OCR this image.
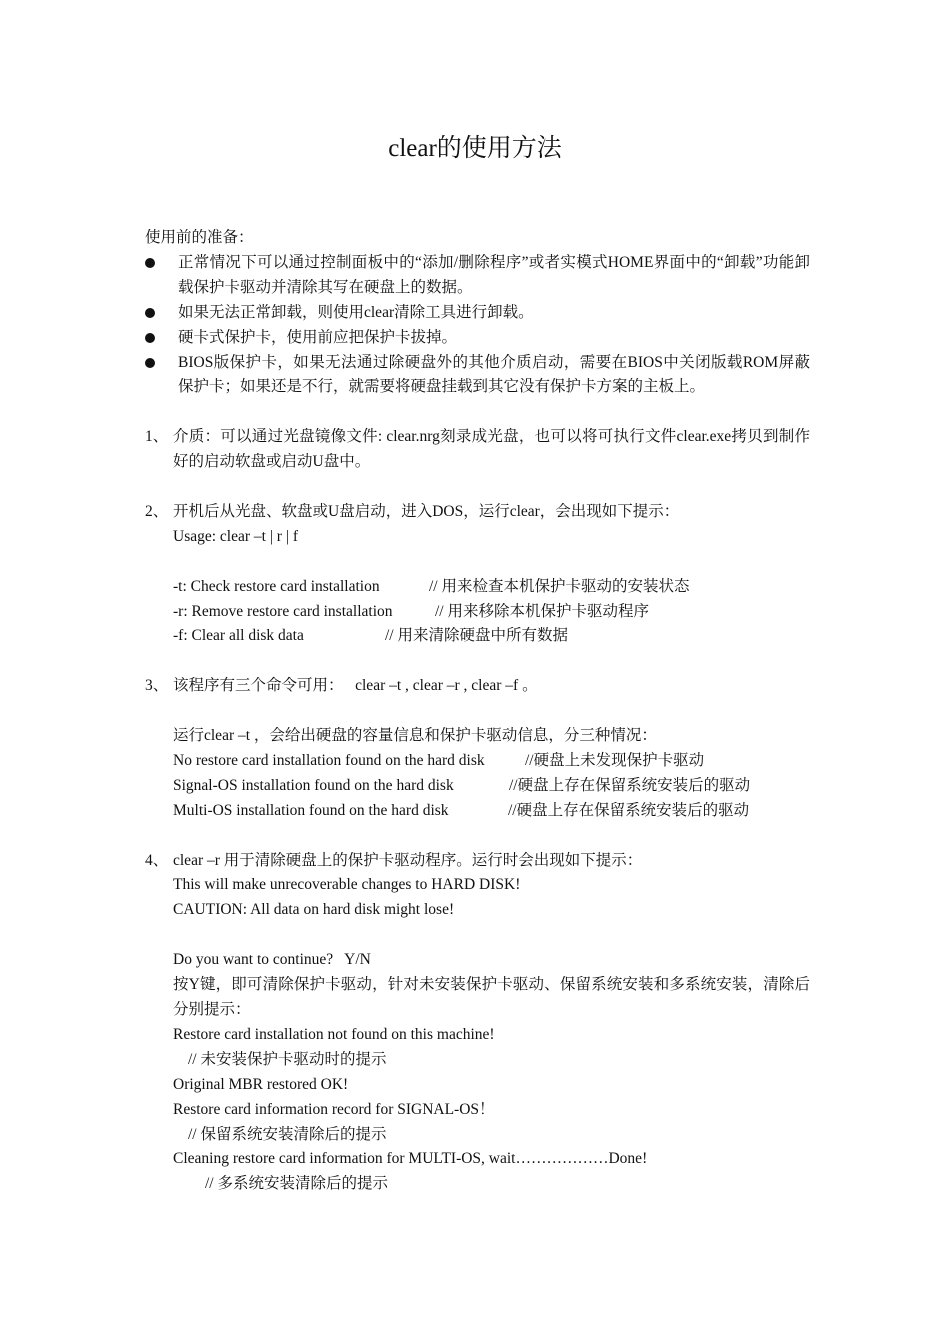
clear的使用方法
使用前的准备：
正常情况下可以通过控制面板中的“添加/删除程序”或者实模式HOME界面中的“卸载”功能卸载保护卡驱动并清除其写在硬盘上的数据。
如果无法正常卸载，则使用clear清除工具进行卸载。
硬卡式保护卡，使用前应把保护卡拔掉。
BIOS版保护卡，如果无法通过除硬盘外的其他介质启动，需要在BIOS中关闭版载ROM屏蔽保护卡；如果还是不行，就需要将硬盘挂载到其它没有保护卡方案的主板上。
1、 介质：可以通过光盘镜像文件: clear.nrg刻录成光盘，也可以将可执行文件clear.exe拷贝到制作好的启动软盘或启动U盘中。
2、 开机后从光盘、软盘或U盘启动，进入DOS，运行clear，会出现如下提示：
Usage: clear –t | r | f
-t: Check restore card installation	// 用来检查本机保护卡驱动的安装状态
-r: Remove restore card installation	// 用来移除本机保护卡驱动程序
-f: Clear all disk data	// 用来清除硬盘中所有数据
3、 该程序有三个命令可用：   clear –t , clear –r , clear –f 。
运行clear –t ，会给出硬盘的容量信息和保护卡驱动信息，分三种情况：
No restore card installation found on the hard disk	//硬盘上未发现保护卡驱动
Signal-OS installation found on the hard disk	//硬盘上存在保留系统安装后的驱动
Multi-OS installation found on the hard disk	//硬盘上存在保留系统安装后的驱动
4、 clear –r 用于清除硬盘上的保护卡驱动程序。运行时会出现如下提示：
This will make unrecoverable changes to HARD DISK!
CAUTION: All data on hard disk might lose!
Do you want to continue?   Y/N
按Y键，即可清除保护卡驱动，针对未安装保护卡驱动、保留系统安装和多系统安装，清除后分别提示：
Restore card installation not found on this machine!
// 未安装保护卡驱动时的提示
Original MBR restored OK!
Restore card information record for SIGNAL-OS！
// 保留系统安装清除后的提示
Cleaning restore card information for MULTI-OS, wait………………Done!
// 多系统安装清除后的提示
